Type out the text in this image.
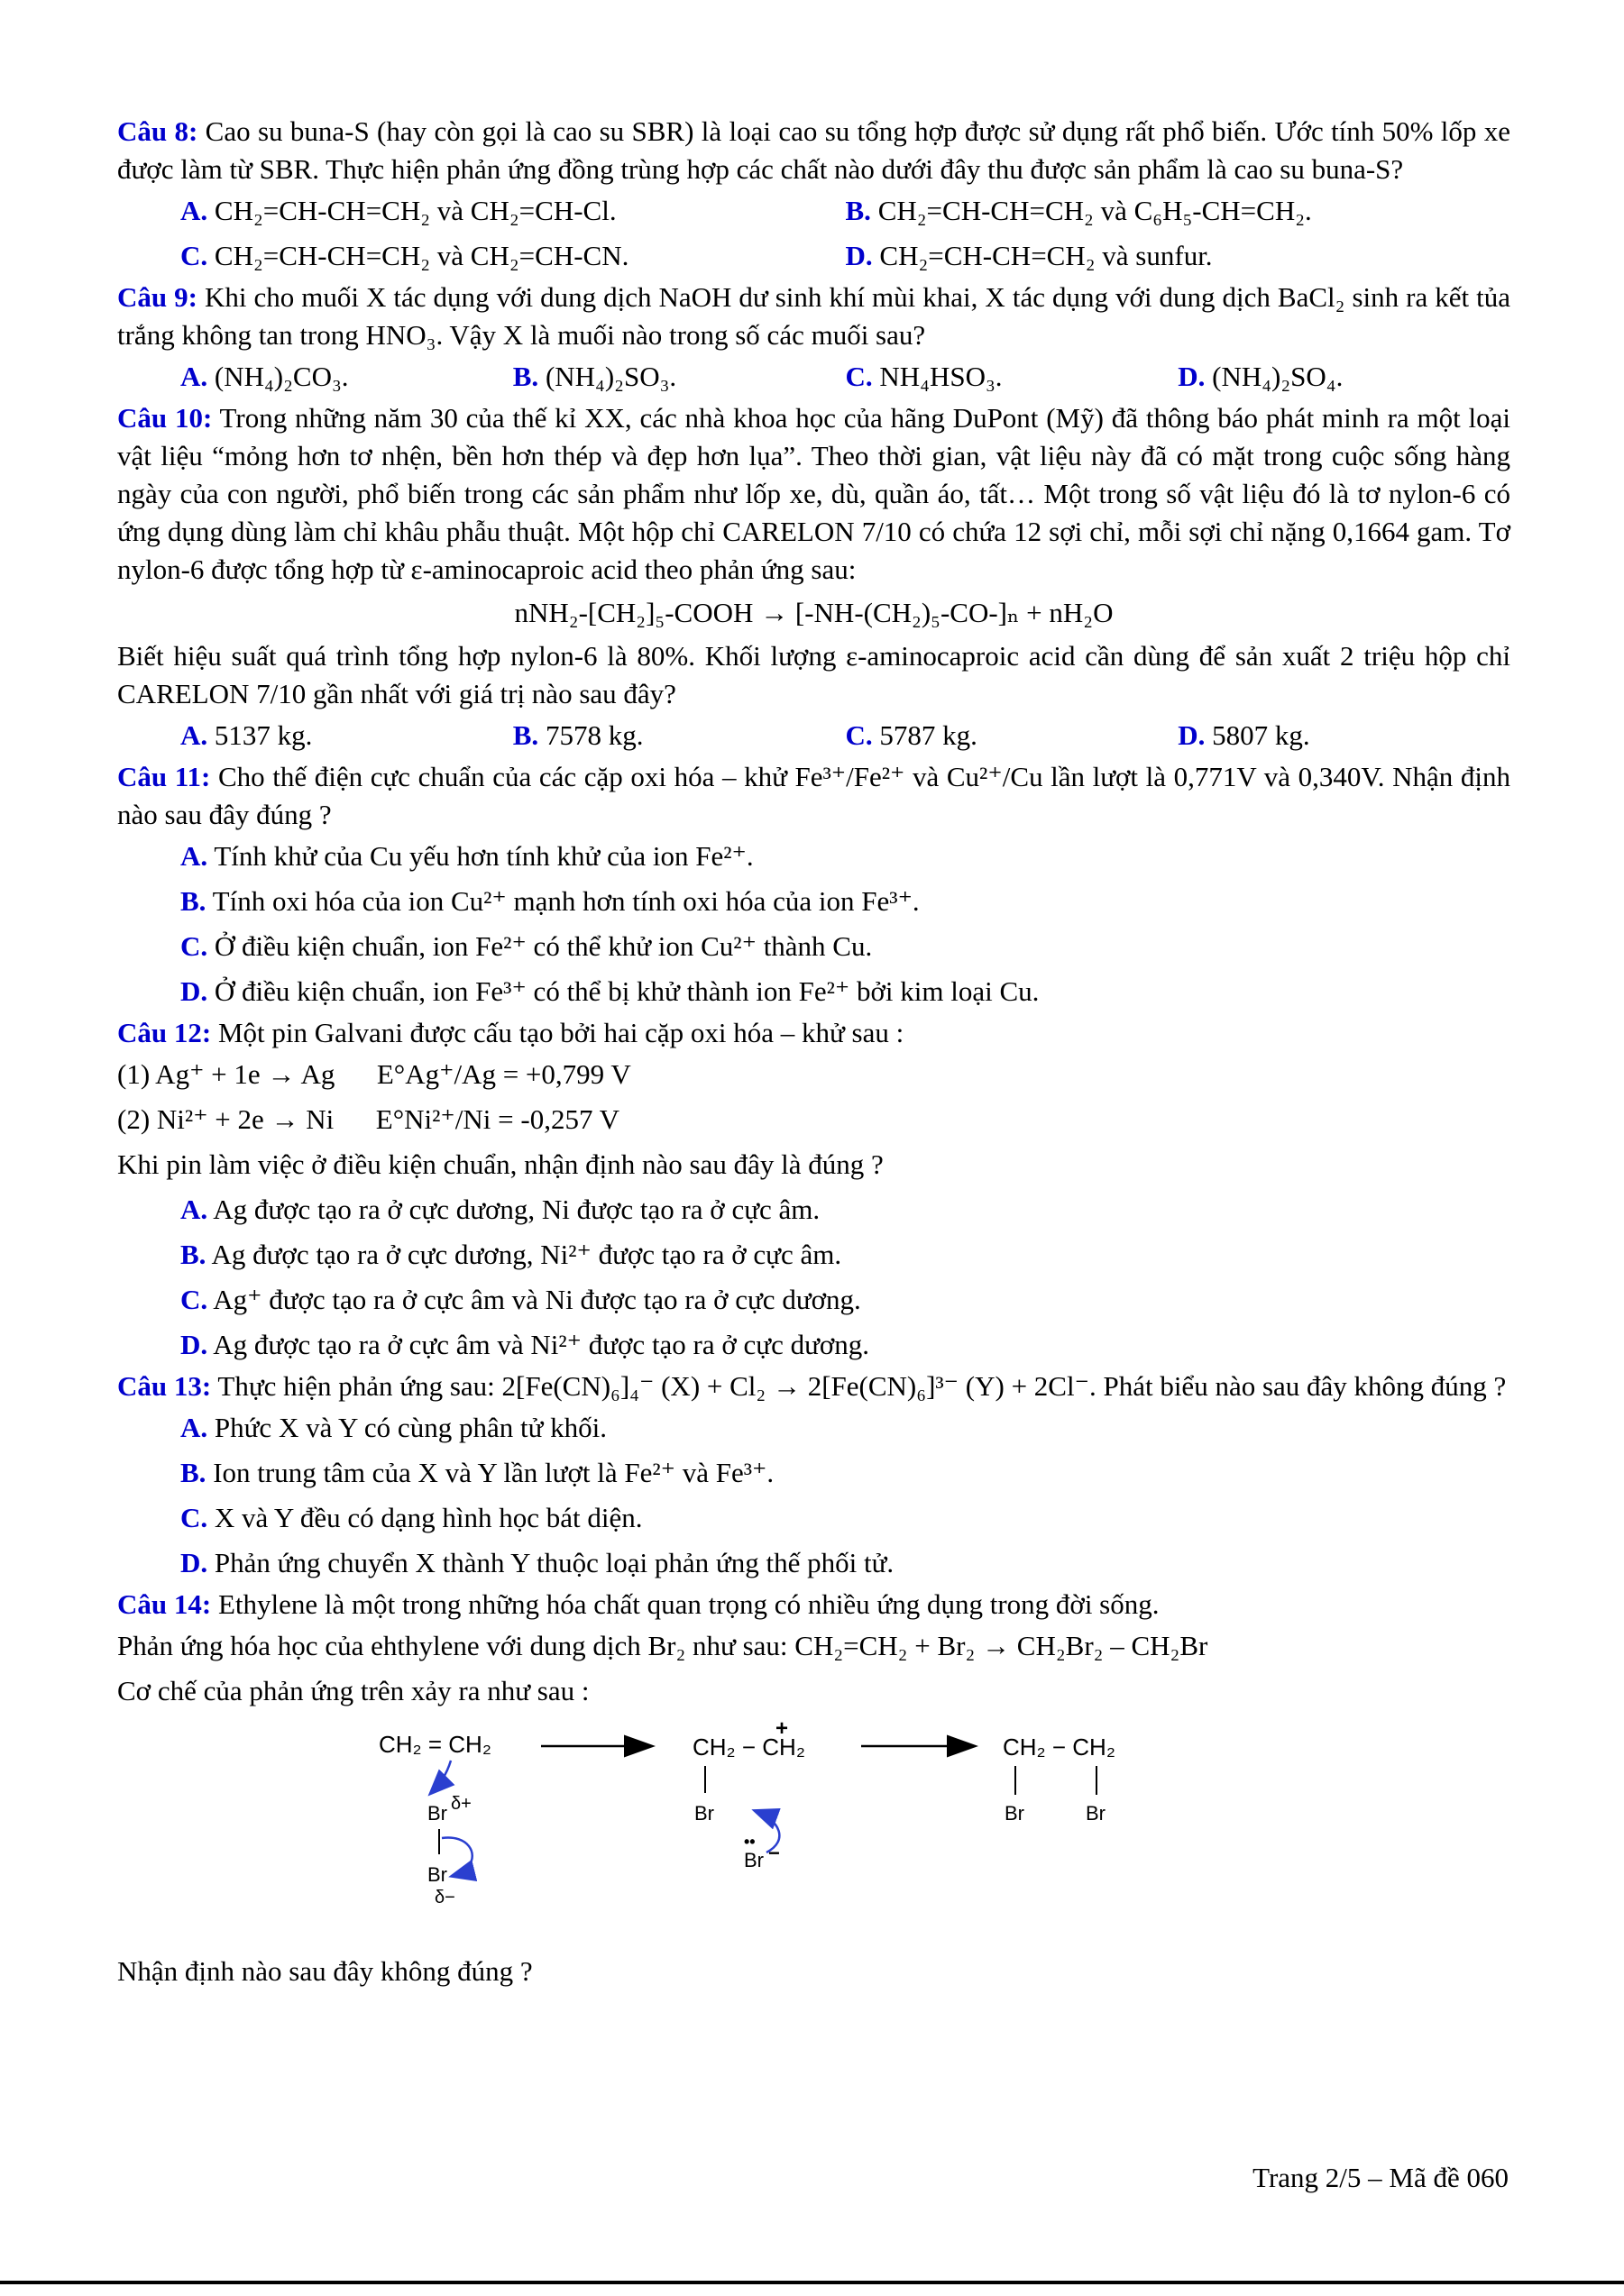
Câu 8: Cao su buna-S (hay còn gọi là cao su SBR) là loại cao su tổng hợp được sử dụng rất phổ biến. Ước tính 50% lốp xe được làm từ SBR. Thực hiện phản ứng đồng trùng hợp các chất nào dưới đây thu được sản phẩm là cao su buna-S?

A. CH₂=CH-CH=CH₂ và CH₂=CH-Cl.	B. CH₂=CH-CH=CH₂ và C₆H₅-CH=CH₂.
C. CH₂=CH-CH=CH₂ và CH₂=CH-CN.	D. CH₂=CH-CH=CH₂ và sunfur.

Câu 9: Khi cho muối X tác dụng với dung dịch NaOH dư sinh khí mùi khai, X tác dụng với dung dịch BaCl₂ sinh ra kết tủa trắng không tan trong HNO₃. Vậy X là muối nào trong số các muối sau?

A. (NH₄)₂CO₃.	B. (NH₄)₂SO₃.	C. NH₄HSO₃.	D. (NH₄)₂SO₄.

Câu 10: Trong những năm 30 của thế kỉ XX, các nhà khoa học của hãng DuPont (Mỹ) đã thông báo phát minh ra một loại vật liệu “mỏng hơn tơ nhện, bền hơn thép và đẹp hơn lụa”. Theo thời gian, vật liệu này đã có mặt trong cuộc sống hàng ngày của con người, phổ biến trong các sản phẩm như lốp xe, dù, quần áo, tất… Một trong số vật liệu đó là tơ nylon-6 có ứng dụng dùng làm chỉ khâu phẫu thuật. Một hộp chỉ CARELON 7/10 có chứa 12 sợi chỉ, mỗi sợi chỉ nặng 0,1664 gam. Tơ nylon-6 được tổng hợp từ ε-aminocaproic acid theo phản ứng sau:

nNH₂-[CH₂]₅-COOH → [-NH-(CH₂)₅-CO-]ₙ + nH₂O

Biết hiệu suất quá trình tổng hợp nylon-6 là 80%. Khối lượng ε-aminocaproic acid cần dùng để sản xuất 2 triệu hộp chỉ CARELON 7/10 gần nhất với giá trị nào sau đây?

A. 5137 kg.	B. 7578 kg.	C. 5787 kg.	D. 5807 kg.

Câu 11: Cho thế điện cực chuẩn của các cặp oxi hóa – khử Fe³⁺/Fe²⁺ và Cu²⁺/Cu lần lượt là 0,771V và 0,340V. Nhận định nào sau đây đúng ?

A. Tính khử của Cu yếu hơn tính khử của ion Fe²⁺.
B. Tính oxi hóa của ion Cu²⁺ mạnh hơn tính oxi hóa của ion Fe³⁺.
C. Ở điều kiện chuẩn, ion Fe²⁺ có thể khử ion Cu²⁺ thành Cu.
D. Ở điều kiện chuẩn, ion Fe³⁺ có thể bị khử thành ion Fe²⁺ bởi kim loại Cu.

Câu 12: Một pin Galvani được cấu tạo bởi hai cặp oxi hóa – khử sau :

(1) Ag⁺ + 1e → Ag      E°Ag⁺/Ag = +0,799 V

(2) Ni²⁺ + 2e → Ni      E°Ni²⁺/Ni = -0,257 V

Khi pin làm việc ở điều kiện chuẩn, nhận định nào sau đây là đúng ?

A. Ag được tạo ra ở cực dương, Ni được tạo ra ở cực âm.
B. Ag được tạo ra ở cực dương, Ni²⁺ được tạo ra ở cực âm.
C. Ag⁺ được tạo ra ở cực âm và Ni được tạo ra ở cực dương.
D. Ag được tạo ra ở cực âm và Ni²⁺ được tạo ra ở cực dương.

Câu 13: Thực hiện phản ứng sau: 2[Fe(CN)₆]₄⁻ (X) + Cl₂ → 2[Fe(CN)₆]³⁻ (Y) + 2Cl⁻. Phát biểu nào sau đây không đúng ?

A. Phức X và Y có cùng phân tử khối.
B. Ion trung tâm của X và Y lần lượt là Fe²⁺ và Fe³⁺.
C. X và Y đều có dạng hình học bát diện.
D. Phản ứng chuyển X thành Y thuộc loại phản ứng thế phối tử.

Câu 14: Ethylene là một trong những hóa chất quan trọng có nhiều ứng dụng trong đời sống.

Phản ứng hóa học của ehthylene với dung dịch Br₂ như sau: CH₂=CH₂ + Br₂ → CH₂Br₂ – CH₂Br

Cơ chế của phản ứng trên xảy ra như sau :

CH₂ = CH₂
Br δ+
Br
δ−
CH₂ − CH₂
+
Br
••
Br −
CH₂ − CH₂
Br	Br

Nhận định nào sau đây không đúng ?

Trang 2/5 – Mã đề 060
